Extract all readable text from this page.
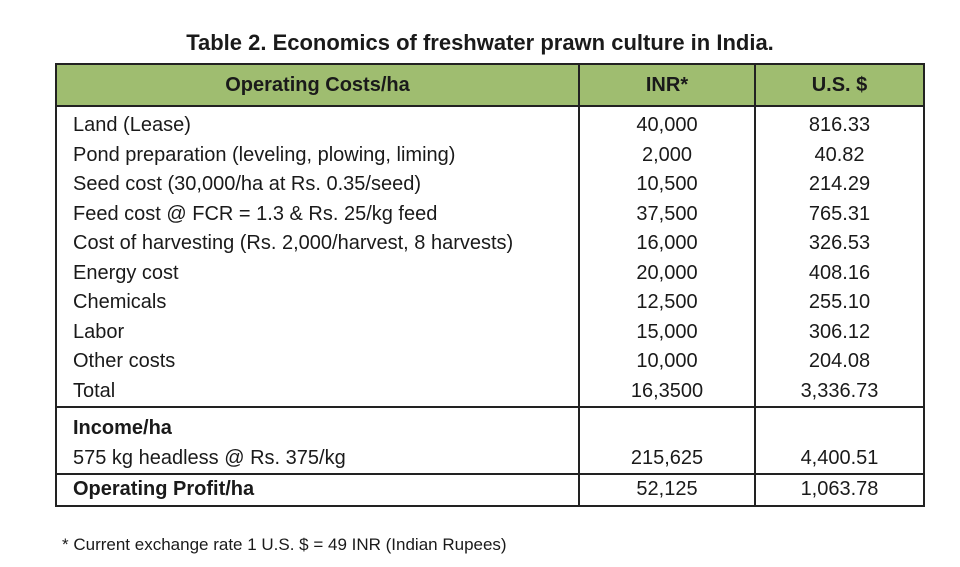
Table 2. Economics of freshwater prawn culture in India.
Operating Costs/ha	INR*	U.S. $
Land (Lease)	40,000	816.33
Pond preparation (leveling, plowing, liming)	2,000	40.82
Seed cost (30,000/ha at Rs. 0.35/seed)	10,500	214.29
Feed cost @ FCR = 1.3 & Rs. 25/kg feed	37,500	765.31
Cost of harvesting (Rs. 2,000/harvest, 8 harvests)	16,000	326.53
Energy cost	20,000	408.16
Chemicals	12,500	255.10
Labor	15,000	306.12
Other costs	10,000	204.08
Total	16,3500	3,336.73
Income/ha		
575 kg headless @ Rs. 375/kg	215,625	4,400.51
Operating Profit/ha	52,125	1,063.78

* Current exchange rate 1 U.S. $ = 49 INR (Indian Rupees)
